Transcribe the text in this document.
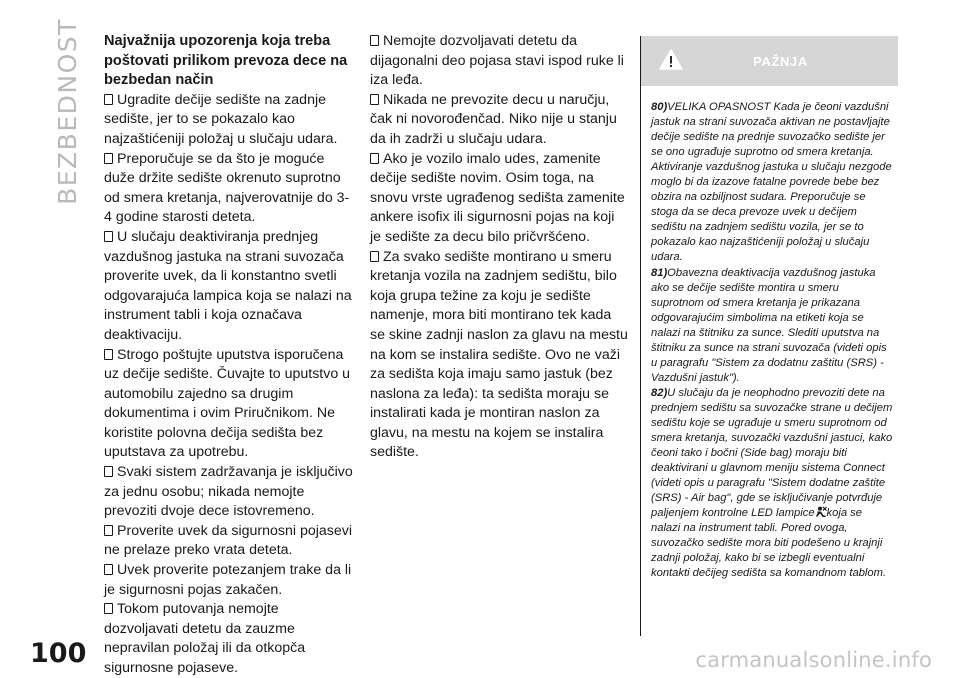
BEZBEDNOST Najvažnija upozorenja koja treba poštovati prilikom prevoza dece na bezbedan način
Ugradite dečije sedište na zadnje sedište, jer to se pokazalo kao najzaštićeniji položaj u slučaju udara.
Preporučuje se da što je moguće duže držite sedište okrenuto suprotno od smera kretanja, najverovatnije do 3-4 godine starosti deteta.
U slučaju deaktiviranja prednjeg vazdušnog jastuka na strani suvozača proverite uvek, da li konstantno svetli odgovarajuća lampica koja se nalazi na instrument tabli i koja označava deaktivaciju.
Strogo poštujte uputstva isporučena uz dečije sedište. Čuvajte to uputstvo u automobilu zajedno sa drugim dokumentima i ovim Priručnikom. Ne koristite polovna dečija sedišta bez uputstava za upotrebu.
Svaki sistem zadržavanja je isključivo za jednu osobu; nikada nemojte prevoziti dvoje dece istovremeno.
Proverite uvek da sigurnosni pojasevi ne prelaze preko vrata deteta.
Uvek proverite potezanjem trake da li je sigurnosni pojas zakačen.
Tokom putovanja nemojte dozvoljavati detetu da zauzme nepravilan položaj ili da otkopča sigurnosne pojaseve.
Nemojte dozvoljavati detetu da dijagonalni deo pojasa stavi ispod ruke li iza leđa.
Nikada ne prevozite decu u naručju, čak ni novorođenčad. Niko nije u stanju da ih zadrži u slučaju udara.
Ako je vozilo imalo udes, zamenite dečije sedište novim. Osim toga, na snovu vrste ugrađenog sedišta zamenite ankere isofix ili sigurnosni pojas na koji je sedište za decu bilo pričvršćeno.
Za svako sedište montirano u smeru kretanja vozila na zadnjem sedištu, bilo koja grupa težine za koju je sedište namenje, mora biti montirano tek kada se skine zadnji naslon za glavu na mestu na kom se instalira sedište. Ovo ne važi za sedišta koja imaju samo jastuk (bez naslona za leđa): ta sedišta moraju se instalirati kada je montiran naslon za glavu, na mestu na kojem se instalira sedište.
PAŽNJA
80)VELIKA OPASNOST Kada je čeoni vazdušni jastuk na strani suvozača aktivan ne postavljajte dečije sedište na prednje suvozačko sedište jer se ono ugrađuje suprotno od smera kretanja. Aktiviranje vazdušnog jastuka u slučaju nezgode moglo bi da izazove fatalne povrede bebe bez obzira na ozbiljnost sudara. Preporučuje se stoga da se deca prevoze uvek u dečijem sedištu na zadnjem sedištu vozila, jer se to pokazalo kao najzaštićeniji položaj u slučaju udara.
81)Obavezna deaktivacija vazdušnog jastuka ako se dečije sedište montira u smeru suprotnom od smera kretanja je prikazana odgovarajućim simbolima na etiketi koja se nalazi na štitniku za sunce. Slediti uputstva na štitniku za sunce na strani suvozača (videti opis u paragrafu "Sistem za dodatnu zaštitu (SRS) - Vazdušni jastuk").
82)U slučaju da je neophodno prevoziti dete na prednjem sedištu sa suvozačke strane u dečijem sedištu koje se ugrađuje u smeru suprotnom od smera kretanja, suvozački vazdušni jastuci, kako čeoni tako i bočni (Side bag) moraju biti deaktivirani u glavnom meniju sistema Connect (videti opis u paragrafu "Sistem dodatne zaštite (SRS) - Air bag", gde se isključivanje potvrđuje paljenjem kontrolne LED lampice koja se nalazi na instrument tabli. Pored ovoga, suvozačko sedište mora biti podešeno u krajnji zadnji položaj, kako bi se izbegli eventualni kontakti dečijeg sedišta sa komandnom tablom.
100	carmanualsonline.info
